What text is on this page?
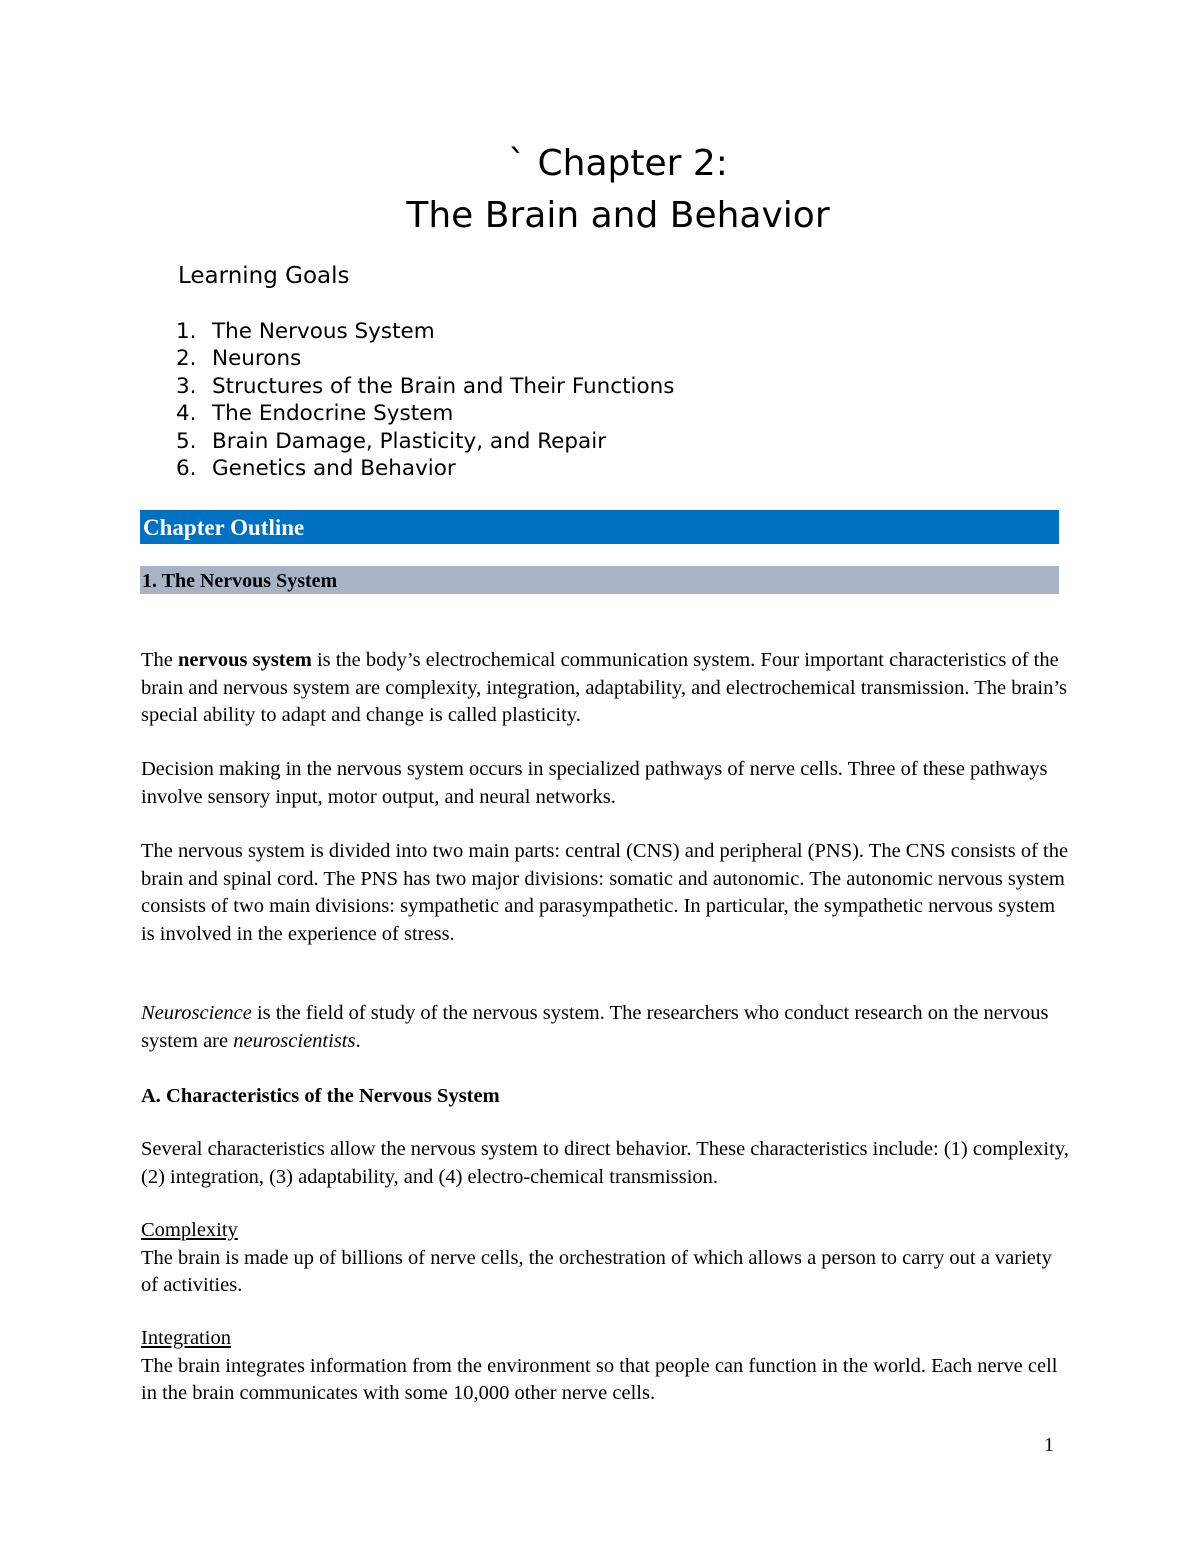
` Chapter 2:
The Brain and Behavior
Learning Goals
1. The Nervous System
2. Neurons
3. Structures of the Brain and Their Functions
4. The Endocrine System
5. Brain Damage, Plasticity, and Repair
6. Genetics and Behavior
Chapter Outline
1. The Nervous System

The nervous system is the body’s electrochemical communication system. Four important characteristics of the brain and nervous system are complexity, integration, adaptability, and electrochemical transmission. The brain’s special ability to adapt and change is called plasticity.

Decision making in the nervous system occurs in specialized pathways of nerve cells. Three of these pathways involve sensory input, motor output, and neural networks.

The nervous system is divided into two main parts: central (CNS) and peripheral (PNS). The CNS consists of the brain and spinal cord. The PNS has two major divisions: somatic and autonomic. The autonomic nervous system consists of two main divisions: sympathetic and parasympathetic. In particular, the sympathetic nervous system is involved in the experience of stress.

Neuroscience is the field of study of the nervous system. The researchers who conduct research on the nervous system are neuroscientists.

A. Characteristics of the Nervous System

Several characteristics allow the nervous system to direct behavior. These characteristics include: (1) complexity, (2) integration, (3) adaptability, and (4) electro-chemical transmission.

Complexity
The brain is made up of billions of nerve cells, the orchestration of which allows a person to carry out a variety of activities.

Integration
The brain integrates information from the environment so that people can function in the world. Each nerve cell in the brain communicates with some 10,000 other nerve cells.

1
